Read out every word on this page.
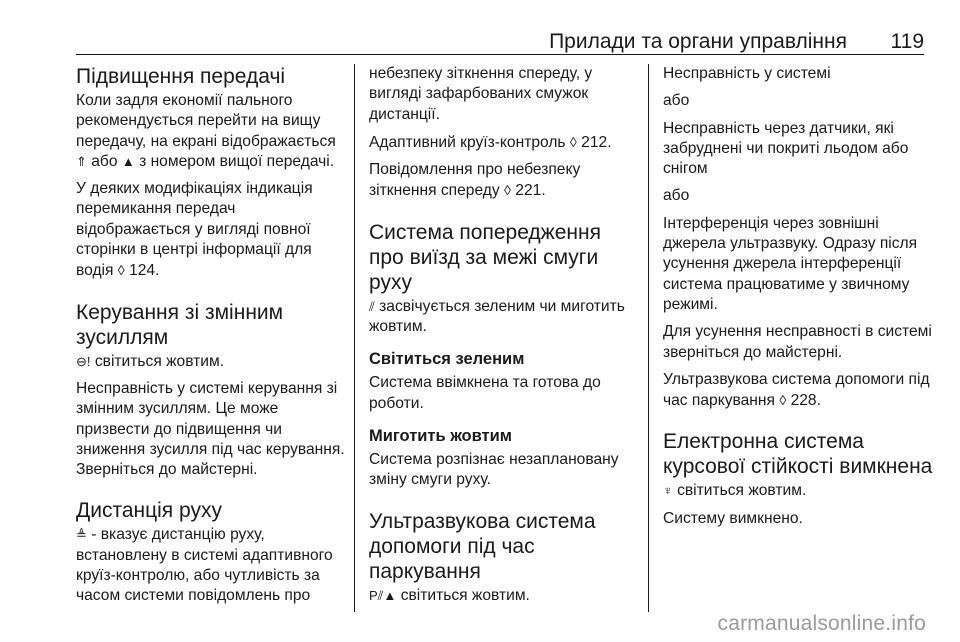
Прилади та органи управління 119
Підвищення передачі

Коли задля економії пального рекомендується перейти на вищу передачу, на екрані відображається ⇑ або ▲ з номером вищої передачі.

У деяких модифікаціях індикація перемикання передач відображається у вигляді повної сторінки в центрі інформації для водія ◊ 124.

Керування зі змінним зусиллям

⊖! світиться жовтим.

Несправність у системі керування зі змінним зусиллям. Це може призвести до підвищення чи зниження зусилля під час керування. Зверніться до майстерні.

Дистанція руху

≜ - вказує дистанцію руху, встановлену в системі адаптивного круїз-контролю, або чутливість за часом системи повідомлень про

небезпеку зіткнення спереду, у вигляді зафарбованих смужок дистанції.

Адаптивний круїз-контроль ◊ 212.

Повідомлення про небезпеку зіткнення спереду ◊ 221.

Система попередження про виїзд за межі смуги руху

⫽ засвічується зеленим чи миготить жовтим.

Світиться зеленим

Система ввімкнена та готова до роботи.

Миготить жовтим

Система розпізнає незаплановану зміну смуги руху.

Ультразвукова система допомоги під час паркування

P⫽▲ світиться жовтим.

Несправність у системі

або

Несправність через датчики, які забруднені чи покриті льодом або снігом

або

Інтерференція через зовнішні джерела ультразвуку. Одразу після усунення джерела інтерференції система працюватиме у звичному режимі.

Для усунення несправності в системі зверніться до майстерні.

Ультразвукова система допомоги під час паркування ◊ 228.

Електронна система курсової стійкості вимкнена

♆ світиться жовтим.

Систему вимкнено.

carmanualsonline.info
